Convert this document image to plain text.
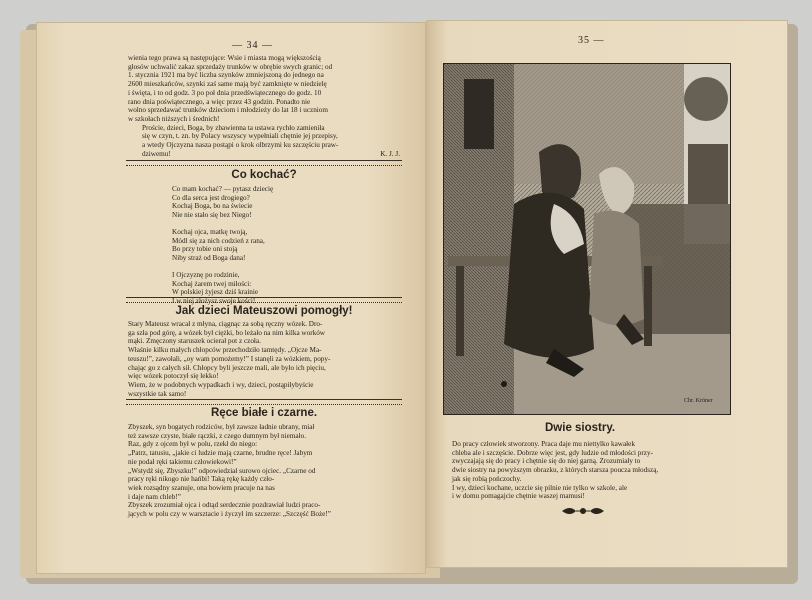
— 34 —
wienia tego prawa są następujące: Wsie i miasta mogą większością
głosów uchwalić zakaz sprzedaży trunków w obrębie swych granic; od
1. stycznia 1921 ma być liczba szynków zmniejszoną do jednego na
2600 mieszkańców, szynki zaś same mają być zamknięte w niedzielę
i święta, i to od godz. 3 po poł dnia przedświątecznego do godz. 10
rano dnia poświątecznego, a więc przez 43 godzin. Ponadto nie
wolno sprzedawać trunków dzieciom i młodzieży do lat 18 i uczniom
w szkołach niższych i średnich!
Proście, dzieci, Boga, by zbawienna ta ustawa rychło zamieniła
się w czyn, t. zn. by Polacy wszyscy wypełniali chętnie jej przepisy,
a wtedy Ojczyzna nasza postąpi o krok olbrzymi ku szczęściu praw-
dziwemu!	K. J. J.
Co kochać?
Co mam kochać? — pytasz dziecię
Co dla serca jest drogiego?
Kochaj Boga, bo na świecie
Nie nie stało się bez Niego!

Kochaj ojca, matkę twoją,
Módl się za nich codzień z rana,
Bo przy tobie oni stoją
Niby straż od Boga dana!

I Ojczyznę po rodzinie,
Kochaj żarem twej miłości:
W polskiej żyjesz dziś krainie
I w niej złożysz swoje kości!
Jak dzieci Mateuszowi pomogły!
Stary Mateusz wracał z młyna, ciągnąc za sobą ręczny wózek. Dro-
ga szła pod górę, a wózek był ciężki, bo leżało na nim kilka worków
mąki. Zmęczony staruszek ocierał pot z czoła.
Właśnie kilku małych chłopców przechodziło tamtędy. „Ojcze Ma-
teuszu!”, zawołali, „oy wam pomożemy!” I stanęli za wózkiem, popy-
chając go z całych sił. Chłopcy byli jeszcze mali, ale było ich pięciu,
więc wózek potoczył się lekko!
Wiem, że w podobnych wypadkach i wy, dzieci, postąpiłybyście
wszystkie tak samo!
Ręce białe i czarne.
Zbyszek, syn bogatych rodziców, był zawsze ładnie ubrany, miał
też zawsze czyste, białe rączki, z czego dumnym był niemało.
Raz, gdy z ojcem był w polu, rzekł do niego:
„Patrz, tatusiu, „jakie ci ludzie mają czarne, brudne ręce! Jabym
nie podał ręki takiemu człowiekowi!”
„Wstydź się, Zbyszku!” odpowiedział surowo ojciec. „Czarne od
pracy ręki nikogo nie hańbi! Taką rękę każdy czło-
wiek rozsądny szanuje, ona bowiem pracuje na nas
i daje nam chleb!”
Zbyszek zrozumiał ojca i odtąd serdecznie pozdrawiał ludzi praco-
jących w polu czy w warsztacie i życzył im szczerze: „Szczęść Boże!”
35 —
Chr. Kröner
Dwie siostry.
Do pracy człowiek stworzony. Praca daje mu niettylko kawałek
chleba ale i szczęście. Dobrze więc jest, gdy ludzie od młodości przy-
zwyczajają się do pracy i chętnie się do niej garną. Zrozumiały to
dwie siostry na powyższym obrazku, z których starsza poucza młodszą,
jak się robią pończochy.
I wy, dzieci kochane, uczcie się pilnie nie tylko w szkole, ale
i w domu pomagajcie chętnie waszej mamusi!
